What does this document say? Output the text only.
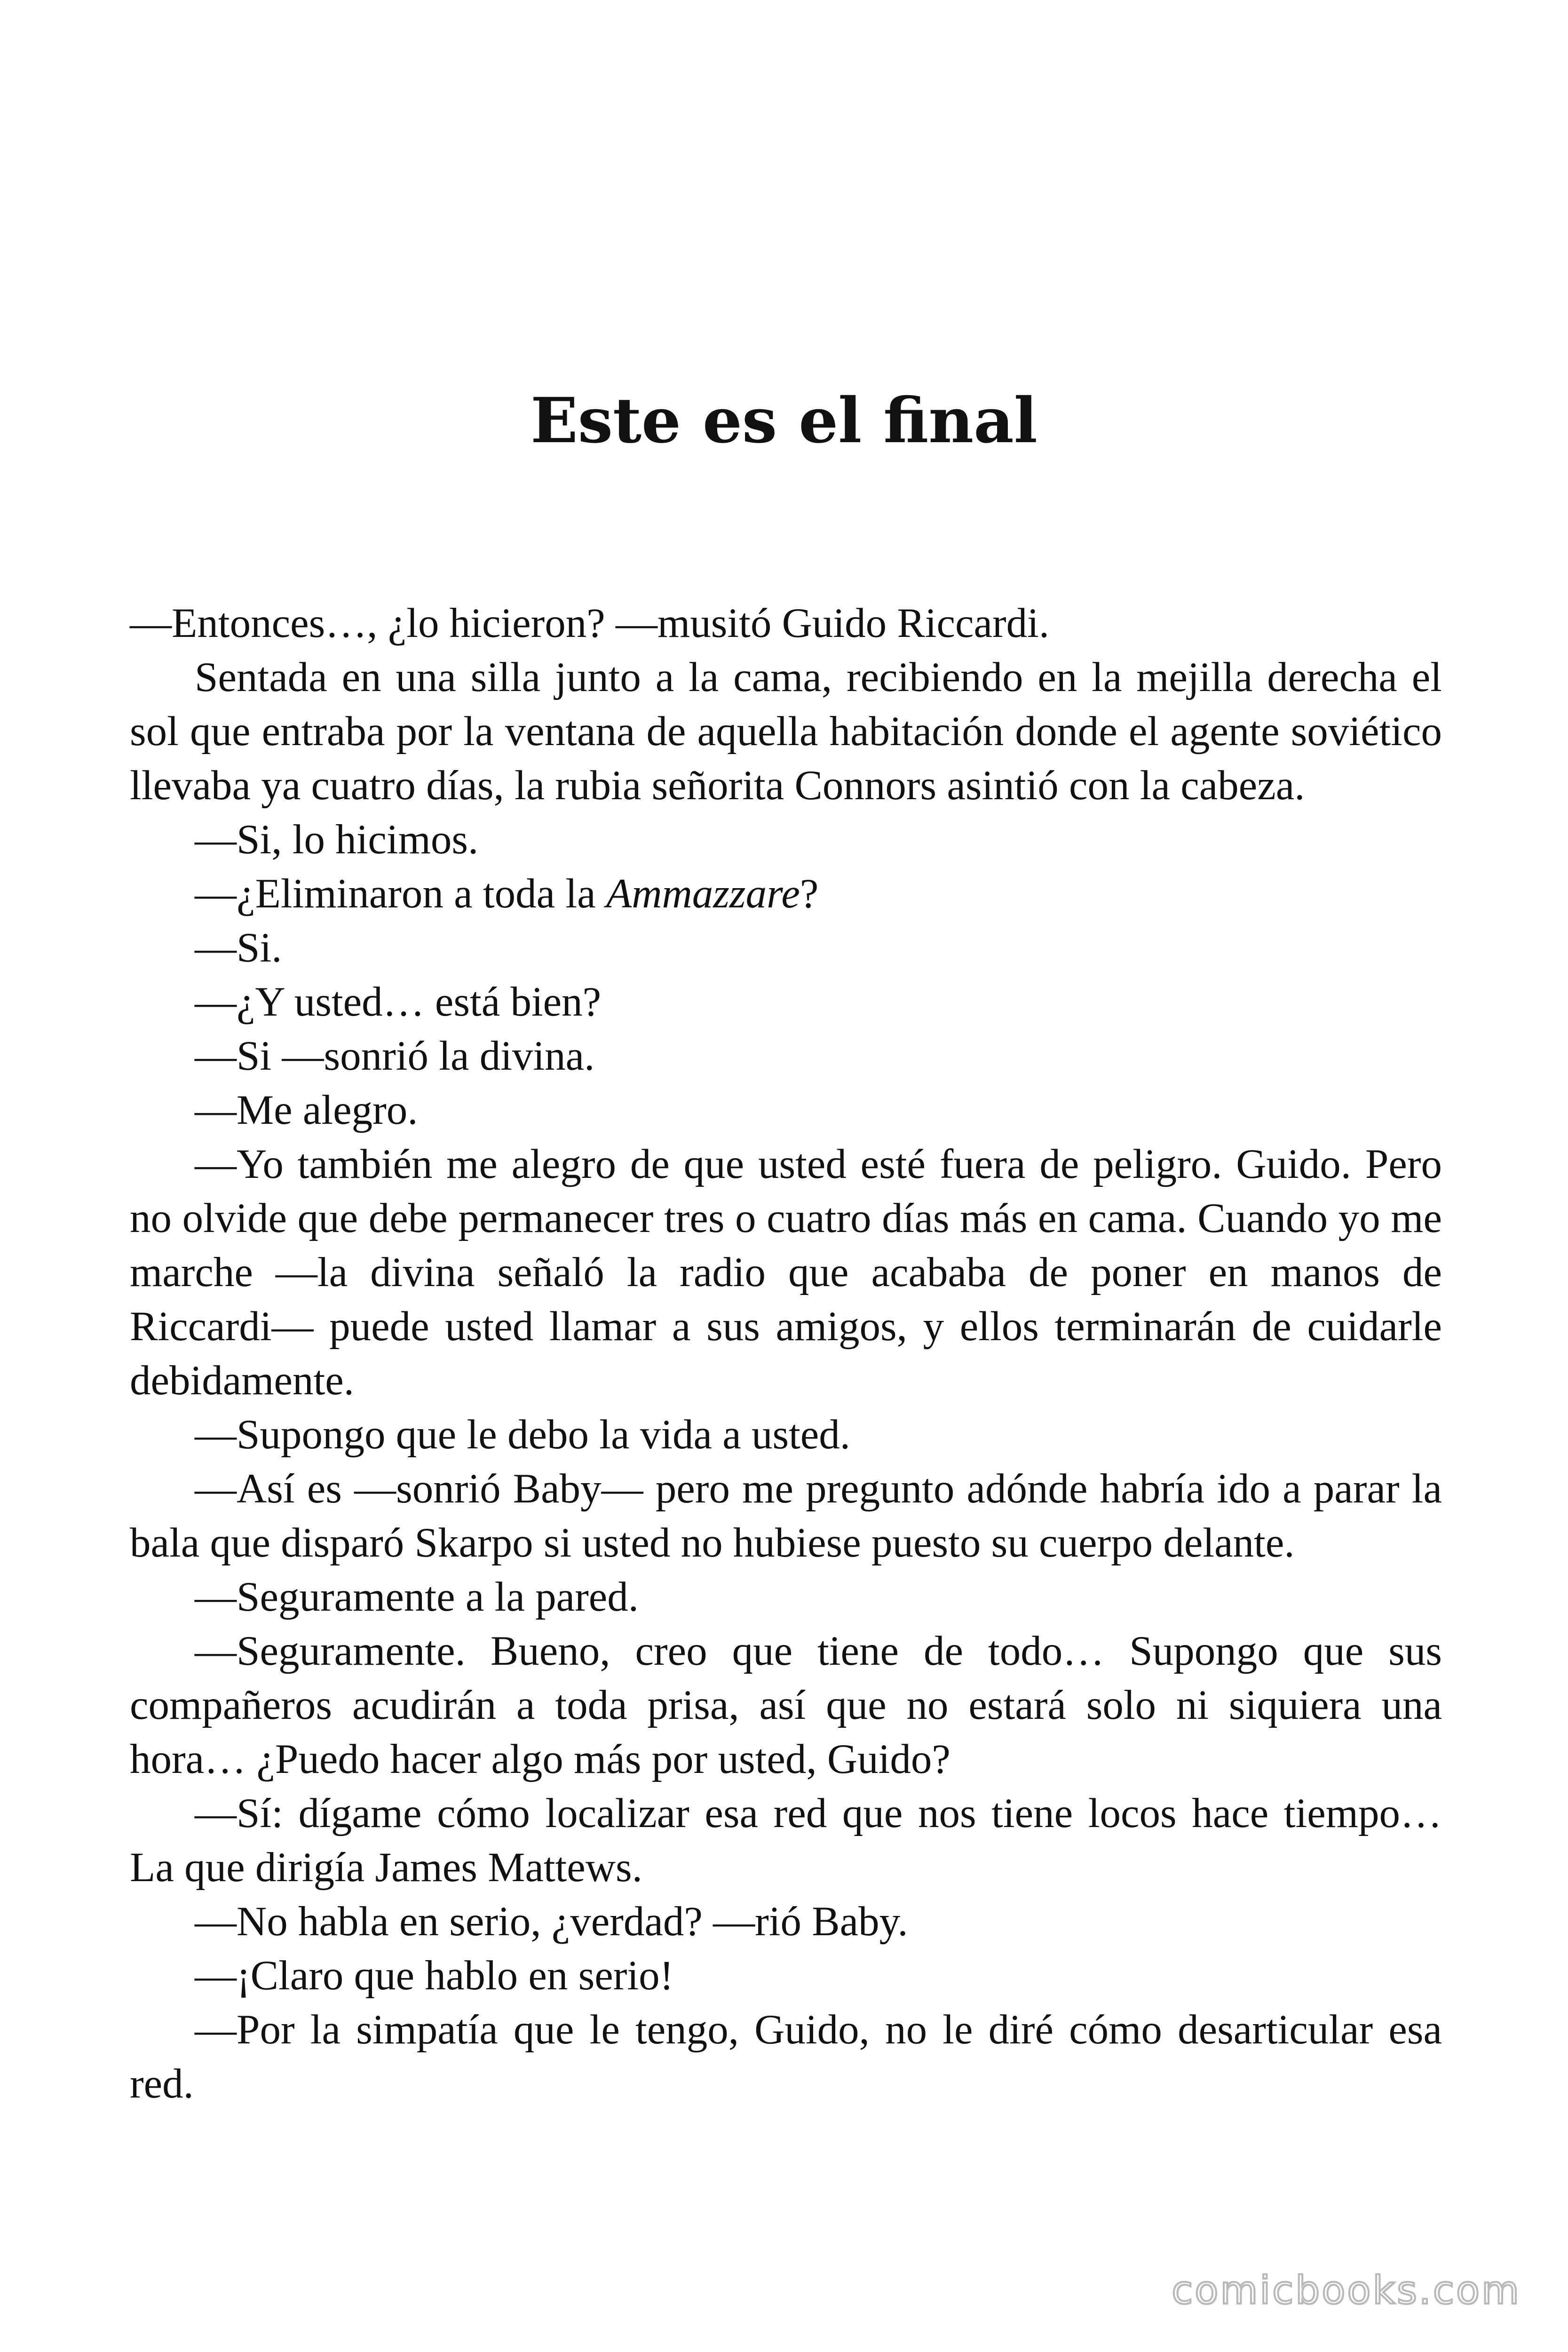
Este es el final

—Entonces…, ¿lo hicieron? —musitó Guido Riccardi.

Sentada en una silla junto a la cama, recibiendo en la mejilla derecha el sol que entraba por la ventana de aquella habitación donde el agente soviético llevaba ya cuatro días, la rubia señorita Connors asintió con la cabeza.

—Si, lo hicimos.

—¿Eliminaron a toda la Ammazzare?

—Si.

—¿Y usted… está bien?

—Si —sonrió la divina.

—Me alegro.

—Yo también me alegro de que usted esté fuera de peligro. Guido. Pero no olvide que debe permanecer tres o cuatro días más en cama. Cuando yo me marche —la divina señaló la radio que acababa de poner en manos de Riccardi— puede usted llamar a sus amigos, y ellos terminarán de cuidarle debidamente.

—Supongo que le debo la vida a usted.

—Así es —sonrió Baby— pero me pregunto adónde habría ido a parar la bala que disparó Skarpo si usted no hubiese puesto su cuerpo delante.

—Seguramente a la pared.

—Seguramente. Bueno, creo que tiene de todo… Supongo que sus compañeros acudirán a toda prisa, así que no estará solo ni siquiera una hora… ¿Puedo hacer algo más por usted, Guido?

—Sí: dígame cómo localizar esa red que nos tiene locos hace tiempo… La que dirigía James Mattews.

—No habla en serio, ¿verdad? —rió Baby.

—¡Claro que hablo en serio!

—Por la simpatía que le tengo, Guido, no le diré cómo desarticular esa red.

comicbooks.com
